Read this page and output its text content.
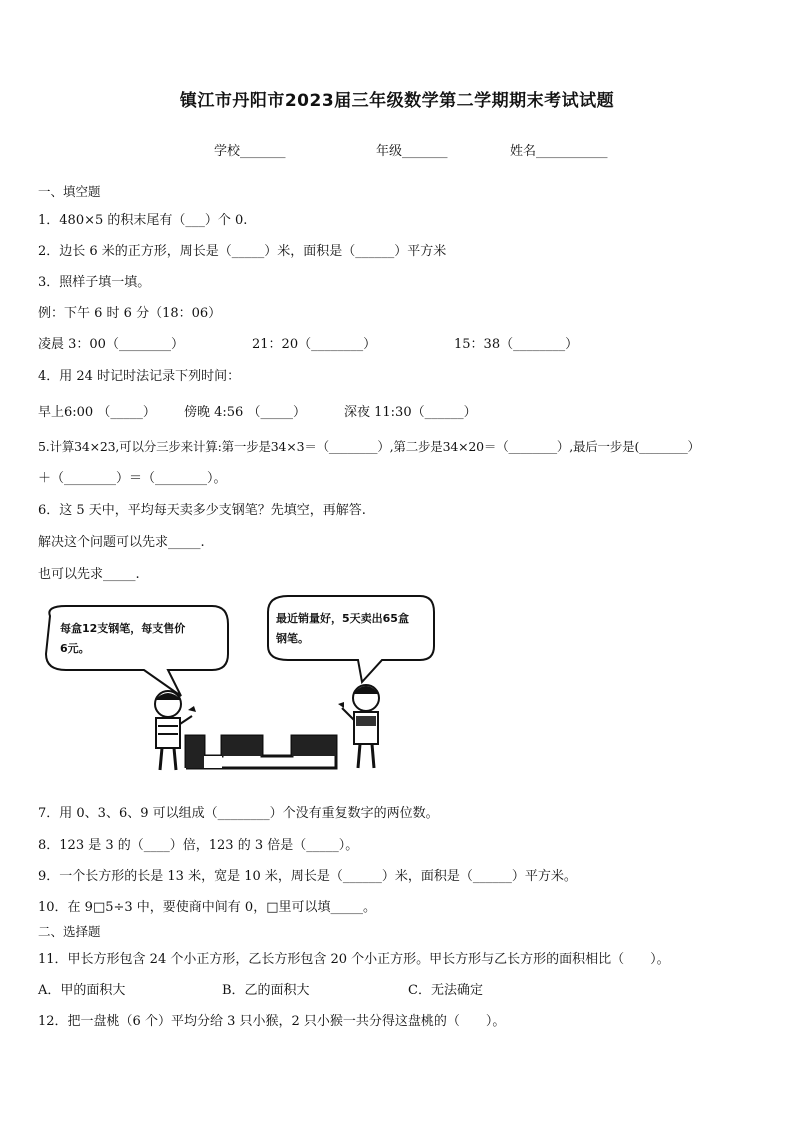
镇江市丹阳市2023届三年级数学第二学期期末考试试题
学校_______	年级_______	姓名___________
一、填空题
1．480×5 的积末尾有（___）个 0.
2．边长 6 米的正方形，周长是（_____）米，面积是（______）平方米
3．照样子填一填。
例：下午 6 时 6 分（18：06）
凌晨 3：00（________）	21：20（________）	15：38（________）
4．用 24 时记时法记录下列时间：
早上6:00 （_____） 傍晚 4:56 （_____）	深夜 11:30（______）
5.计算34×23,可以分三步来计算:第一步是34×3＝（________）,第二步是34×20＝（________）,最后一步是(________）
＋（________）＝（________）。
6．这 5 天中，平均每天卖多少支钢笔？先填空，再解答.
解决这个问题可以先求_____.
也可以先求_____.
每盒12支钢笔，每支售价
6元。
最近销量好，5天卖出65盒
钢笔。
7．用 0、3、6、9 可以组成（________）个没有重复数字的两位数。
8．123 是 3 的（____）倍，123 的 3 倍是（_____）。
9．一个长方形的长是 13 米，宽是 10 米，周长是（______）米，面积是（______）平方米。
10．在 9□5÷3 中，要使商中间有 0，□里可以填_____。
二、选择题
11．甲长方形包含 24 个小正方形，乙长方形包含 20 个小正方形。甲长方形与乙长方形的面积相比（　　）。
A．甲的面积大	B．乙的面积大	C．无法确定
12．把一盘桃（6 个）平均分给 3 只小猴，2 只小猴一共分得这盘桃的（　　）。
